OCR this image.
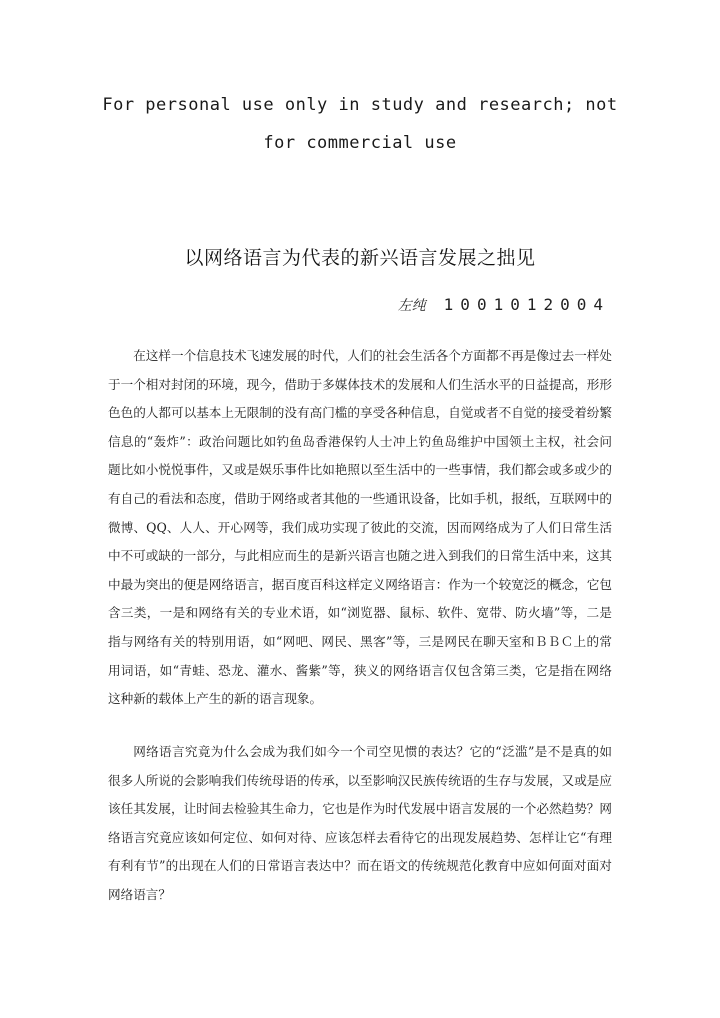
For personal use only in study and research; not
for commercial use
以网络语言为代表的新兴语言发展之拙见
左纯 1001012004

在这样一个信息技术飞速发展的时代，人们的社会生活各个方面都不再是像过去一样处于一个相对封闭的环境，现今，借助于多媒体技术的发展和人们生活水平的日益提高，形形色色的人都可以基本上无限制的没有高门槛的享受各种信息，自觉或者不自觉的接受着纷繁信息的“轰炸”：政治问题比如钓鱼岛香港保钓人士冲上钓鱼岛维护中国领土主权，社会问题比如小悦悦事件，又或是娱乐事件比如艳照以至生活中的一些事情，我们都会或多或少的有自己的看法和态度，借助于网络或者其他的一些通讯设备，比如手机，报纸，互联网中的微博、QQ、人人、开心网等，我们成功实现了彼此的交流，因而网络成为了人们日常生活中不可或缺的一部分，与此相应而生的是新兴语言也随之进入到我们的日常生活中来，这其中最为突出的便是网络语言，据百度百科这样定义网络语言：作为一个较宽泛的概念，它包含三类，一是和网络有关的专业术语，如“浏览器、鼠标、软件、宽带、防火墙”等，二是指与网络有关的特别用语，如“网吧、网民、黑客”等，三是网民在聊天室和ＢＢＣ上的常用词语，如“青蛙、恐龙、灌水、酱紫”等，狭义的网络语言仅包含第三类，它是指在网络这种新的载体上产生的新的语言现象。

网络语言究竟为什么会成为我们如今一个司空见惯的表达？它的“泛滥”是不是真的如很多人所说的会影响我们传统母语的传承，以至影响汉民族传统语的生存与发展，又或是应该任其发展，让时间去检验其生命力，它也是作为时代发展中语言发展的一个必然趋势？网络语言究竟应该如何定位、如何对待、应该怎样去看待它的出现发展趋势、怎样让它“有理有利有节”的出现在人们的日常语言表达中？而在语文的传统规范化教育中应如何面对面对网络语言？
